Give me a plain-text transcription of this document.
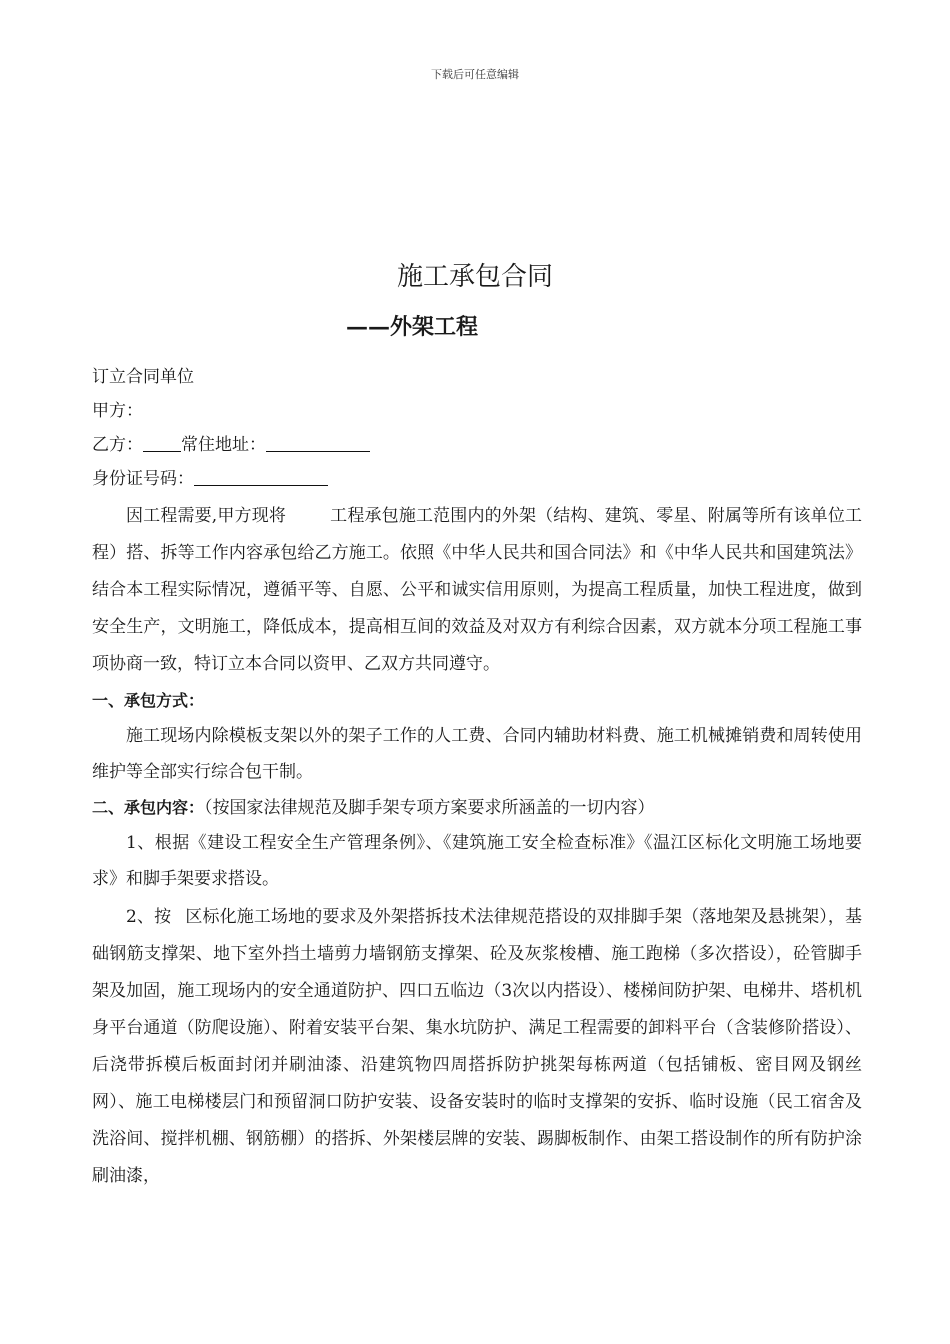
下载后可任意编辑
施工承包合同
——外架工程
订立合同单位
甲方：
乙方： 常住地址：
身份证号码：

因工程需要,甲方现将	工程承包施工范围内的外架（结构、建筑、零星、附属等所有该单位工程）搭、拆等工作内容承包给乙方施工。依照《中华人民共和国合同法》和《中华人民共和国建筑法》结合本工程实际情况，遵循平等、自愿、公平和诚实信用原则，为提高工程质量，加快工程进度，做到安全生产，文明施工，降低成本，提高相互间的效益及对双方有利综合因素，双方就本分项工程施工事项协商一致，特订立本合同以资甲、乙双方共同遵守。

一、承包方式：

施工现场内除模板支架以外的架子工作的人工费、合同内辅助材料费、施工机械摊销费和周转使用维护等全部实行综合包干制。

二、承包内容：（按国家法律规范及脚手架专项方案要求所涵盖的一切内容）

1、根据《建设工程安全生产管理条例》、《建筑施工安全检查标准》《温江区标化文明施工场地要求》和脚手架要求搭设。

2、按 区标化施工场地的要求及外架搭拆技术法律规范搭设的双排脚手架（落地架及悬挑架），基础钢筋支撑架、地下室外挡土墙剪力墙钢筋支撑架、砼及灰浆梭槽、施工跑梯（多次搭设），砼管脚手架及加固，施工现场内的安全通道防护、四口五临边（3次以内搭设）、楼梯间防护架、电梯井、塔机机身平台通道（防爬设施）、附着安装平台架、集水坑防护、满足工程需要的卸料平台（含装修阶搭设）、后浇带拆模后板面封闭并刷油漆、沿建筑物四周搭拆防护挑架每栋两道（包括铺板、密目网及钢丝网）、施工电梯楼层门和预留洞口防护安装、设备安装时的临时支撑架的安拆、临时设施（民工宿舍及洗浴间、搅拌机棚、钢筋棚）的搭拆、外架楼层牌的安装、踢脚板制作、由架工搭设制作的所有防护涂刷油漆，
